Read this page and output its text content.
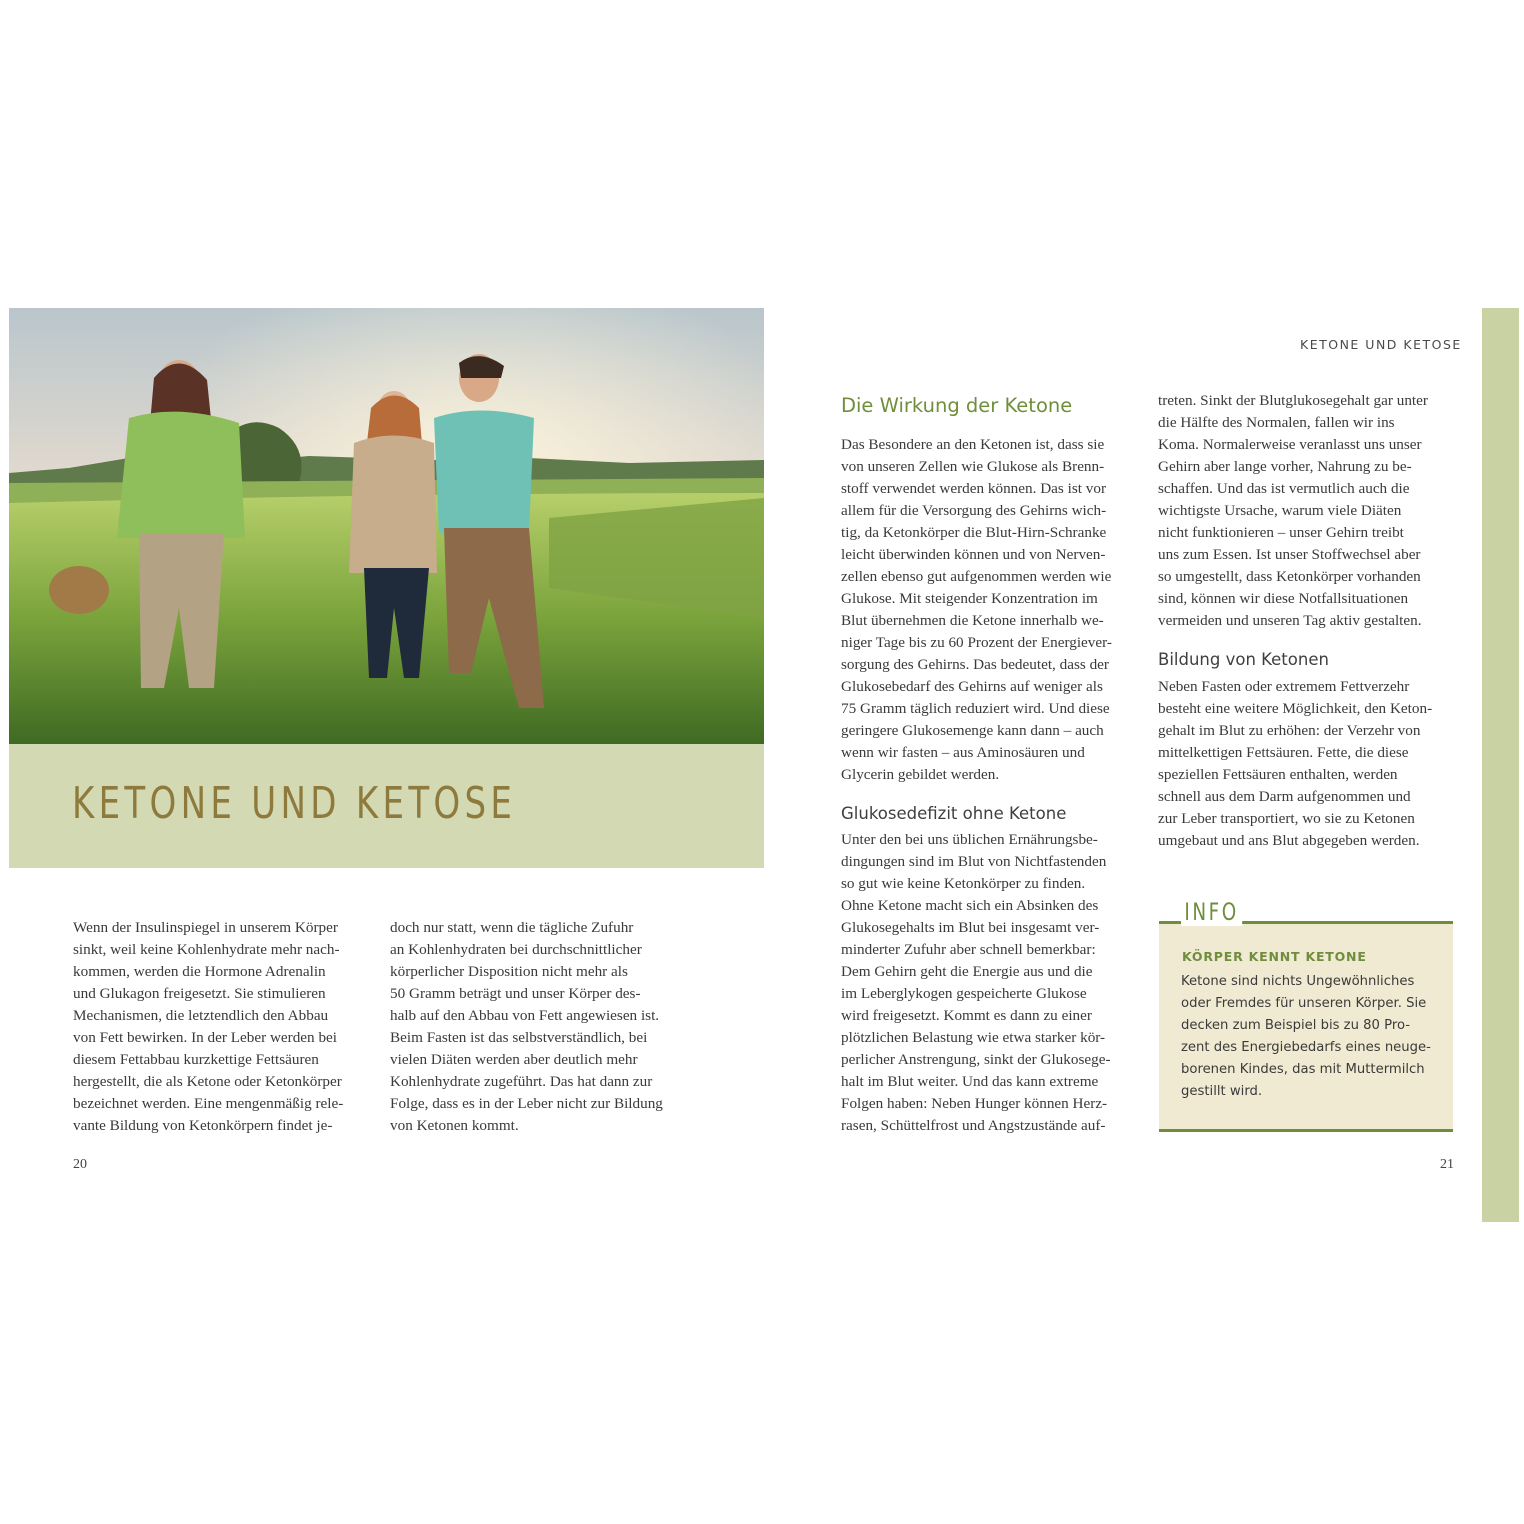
KETONE UND KETOSE
Wenn der Insulinspiegel in unserem Körper
sinkt, weil keine Kohlenhydrate mehr nach-
kommen, werden die Hormone Adrenalin
und Glukagon freigesetzt. Sie stimulieren
Mechanismen, die letztendlich den Abbau
von Fett bewirken. In der Leber werden bei
diesem Fettabbau kurzkettige Fettsäuren
hergestellt, die als Ketone oder Ketonkörper
bezeichnet werden. Eine mengenmäßig rele-
vante Bildung von Ketonkörpern findet je-
doch nur statt, wenn die tägliche Zufuhr
an Kohlenhydraten bei durchschnittlicher
körperlicher Disposition nicht mehr als
50 Gramm beträgt und unser Körper des-
halb auf den Abbau von Fett angewiesen ist.
Beim Fasten ist das selbstverständlich, bei
vielen Diäten werden aber deutlich mehr
Kohlenhydrate zugeführt. Das hat dann zur
Folge, dass es in der Leber nicht zur Bildung
von Ketonen kommt.
20
KETONE UND KETOSE
Die Wirkung der Ketone
Das Besondere an den Ketonen ist, dass sie
von unseren Zellen wie Glukose als Brenn-
stoff verwendet werden können. Das ist vor
allem für die Versorgung des Gehirns wich-
tig, da Ketonkörper die Blut-Hirn-Schranke
leicht überwinden können und von Nerven-
zellen ebenso gut aufgenommen werden wie
Glukose. Mit steigender Konzentration im
Blut übernehmen die Ketone innerhalb we-
niger Tage bis zu 60 Prozent der Energiever-
sorgung des Gehirns. Das bedeutet, dass der
Glukosebedarf des Gehirns auf weniger als
75 Gramm täglich reduziert wird. Und diese
geringere Glukosemenge kann dann – auch
wenn wir fasten – aus Aminosäuren und
Glycerin gebildet werden.
Glukosedefizit ohne Ketone
Unter den bei uns üblichen Ernährungsbe-
dingungen sind im Blut von Nichtfastenden
so gut wie keine Ketonkörper zu finden.
Ohne Ketone macht sich ein Absinken des
Glukosegehalts im Blut bei insgesamt ver-
minderter Zufuhr aber schnell bemerkbar:
Dem Gehirn geht die Energie aus und die
im Leberglykogen gespeicherte Glukose
wird freigesetzt. Kommt es dann zu einer
plötzlichen Belastung wie etwa starker kör-
perlicher Anstrengung, sinkt der Glukosege-
halt im Blut weiter. Und das kann extreme
Folgen haben: Neben Hunger können Herz-
rasen, Schüttelfrost und Angstzustände auf-
treten. Sinkt der Blutglukosegehalt gar unter
die Hälfte des Normalen, fallen wir ins
Koma. Normalerweise veranlasst uns unser
Gehirn aber lange vorher, Nahrung zu be-
schaffen. Und das ist vermutlich auch die
wichtigste Ursache, warum viele Diäten
nicht funktionieren – unser Gehirn treibt
uns zum Essen. Ist unser Stoffwechsel aber
so umgestellt, dass Ketonkörper vorhanden
sind, können wir diese Notfallsituationen
vermeiden und unseren Tag aktiv gestalten.
Bildung von Ketonen
Neben Fasten oder extremem Fettverzehr
besteht eine weitere Möglichkeit, den Keton-
gehalt im Blut zu erhöhen: der Verzehr von
mittelkettigen Fettsäuren. Fette, die diese
speziellen Fettsäuren enthalten, werden
schnell aus dem Darm aufgenommen und
zur Leber transportiert, wo sie zu Ketonen
umgebaut und ans Blut abgegeben werden.
INFO
KÖRPER KENNT KETONE
Ketone sind nichts Ungewöhnliches
oder Fremdes für unseren Körper. Sie
decken zum Beispiel bis zu 80 Pro-
zent des Energiebedarfs eines neuge-
borenen Kindes, das mit Muttermilch
gestillt wird.
21
